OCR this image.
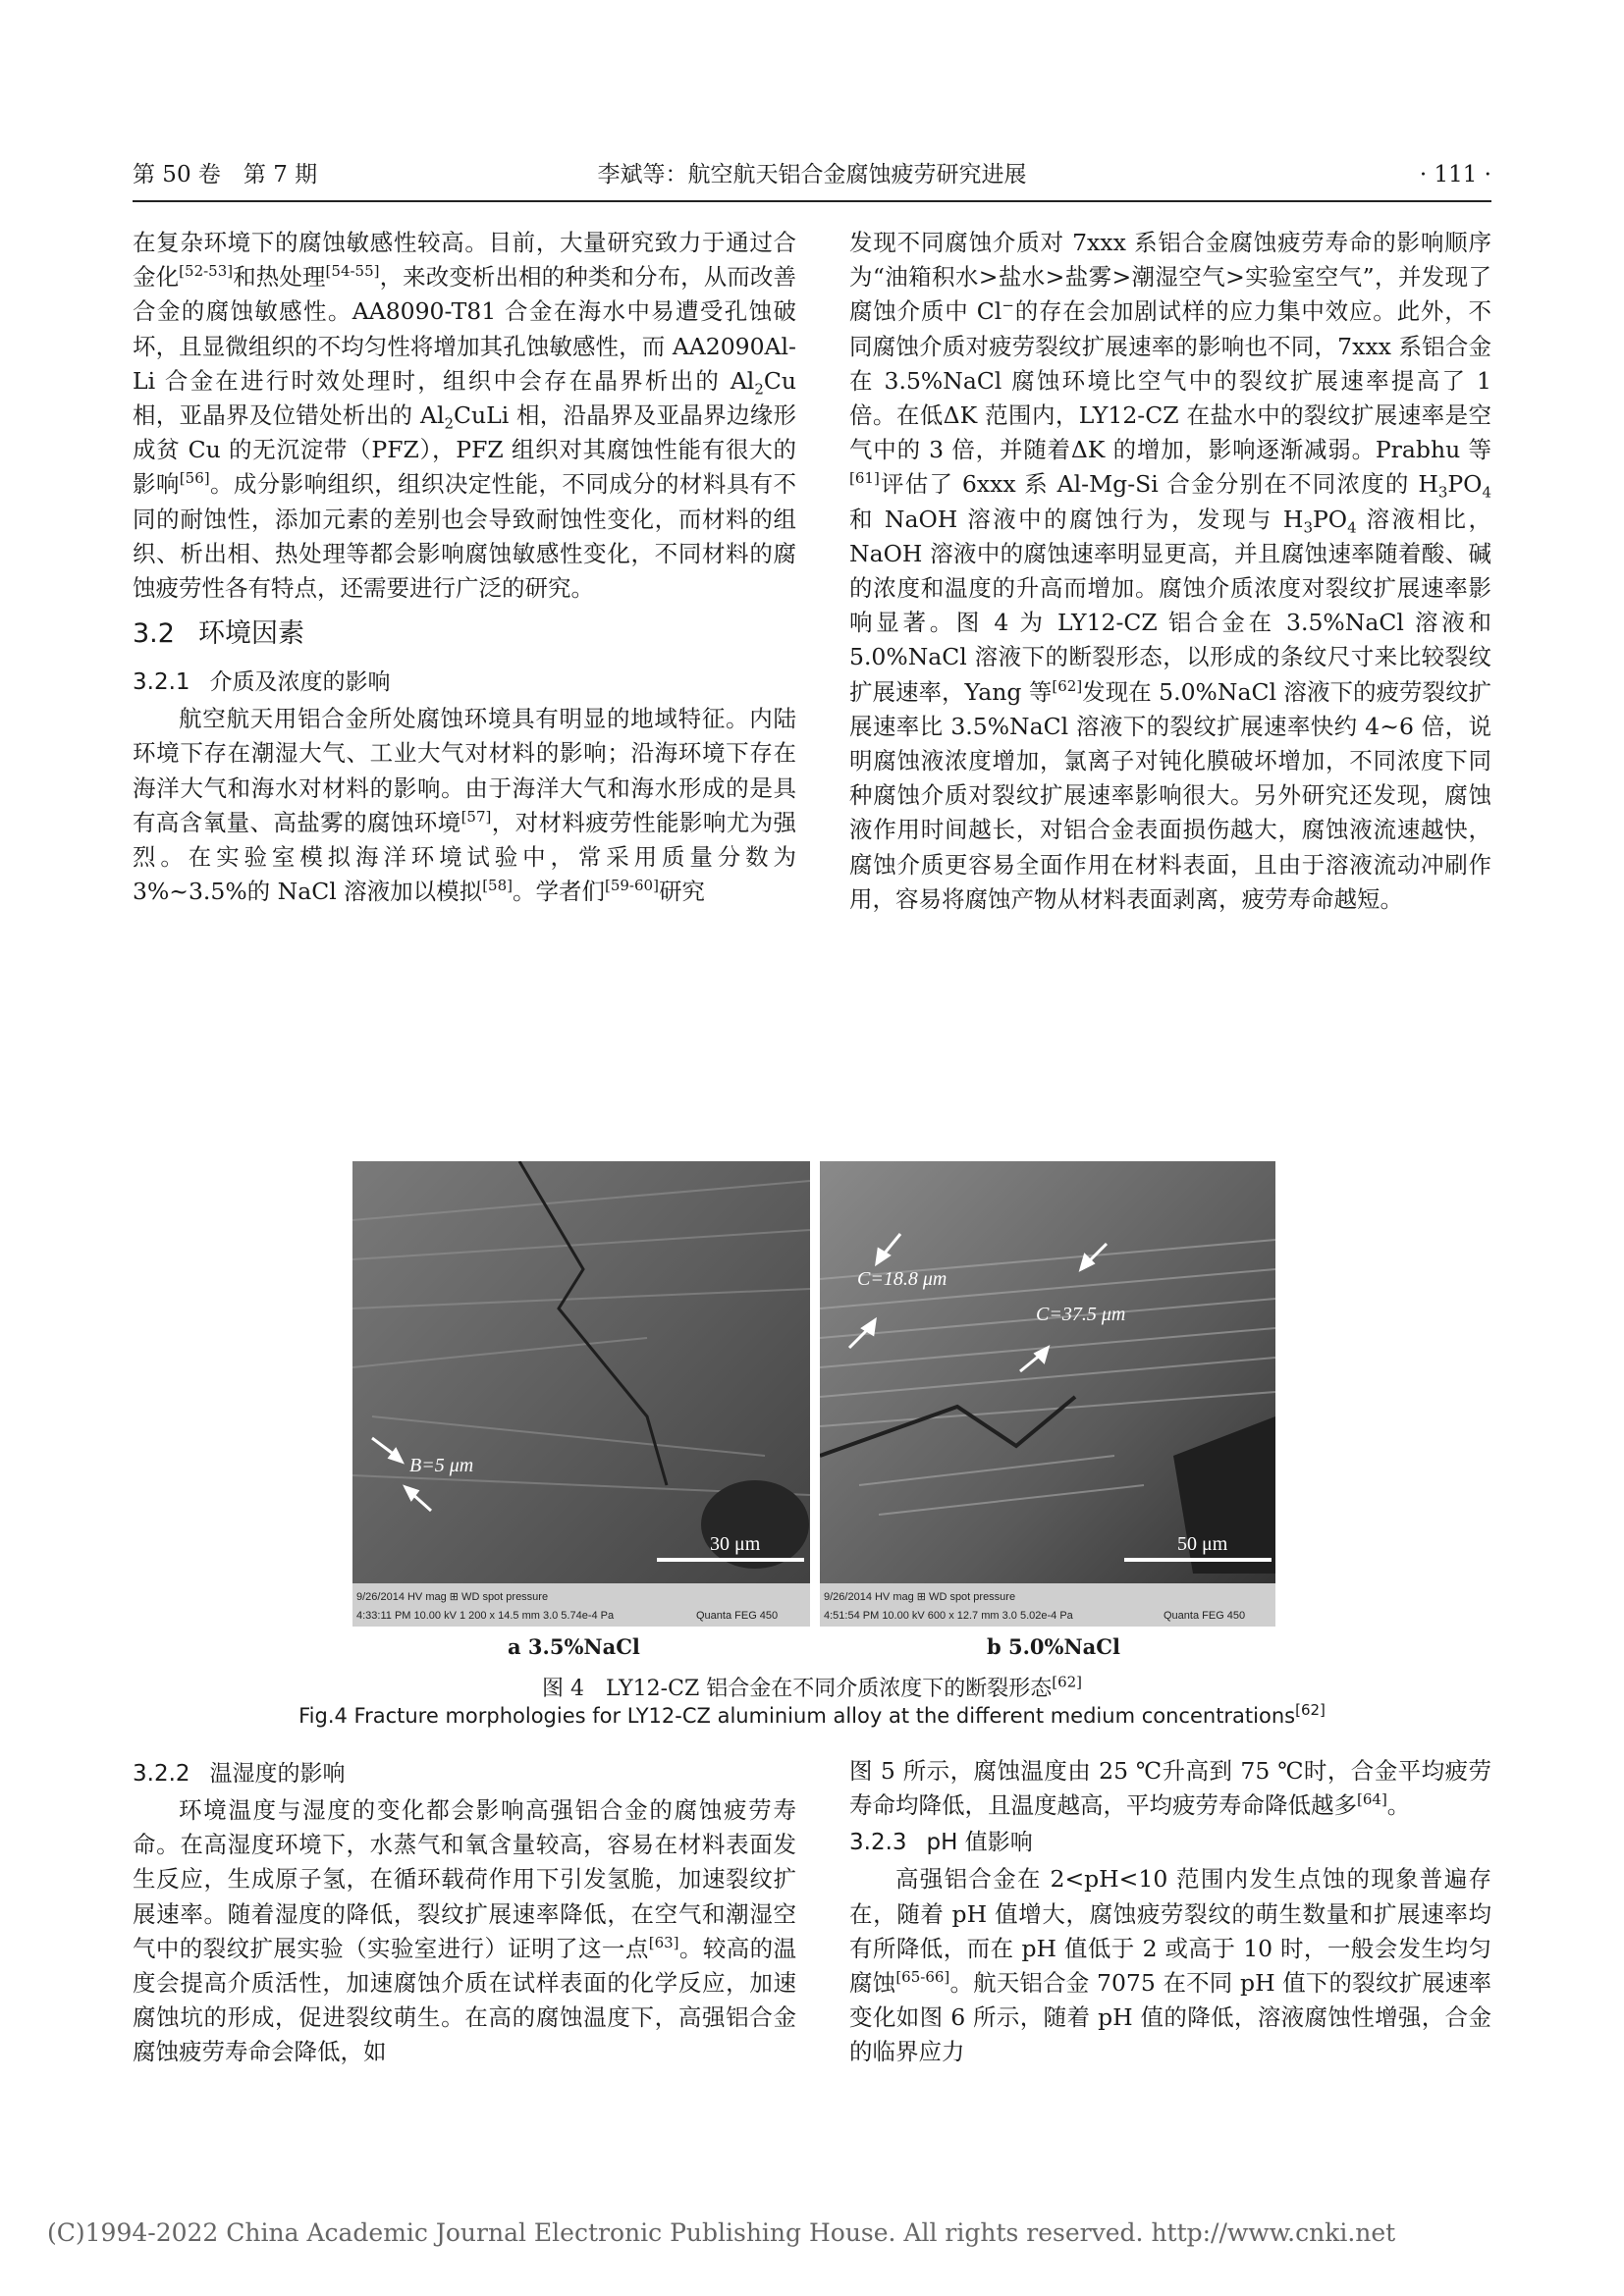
第 50 卷　第 7 期	李斌等：航空航天铝合金腐蚀疲劳研究进展	· 111 ·

在复杂环境下的腐蚀敏感性较高。目前，大量研究致力于通过合金化[52-53]和热处理[54-55]，来改变析出相的种类和分布，从而改善合金的腐蚀敏感性。AA8090-T81 合金在海水中易遭受孔蚀破坏，且显微组织的不均匀性将增加其孔蚀敏感性，而 AA2090Al-Li 合金在进行时效处理时，组织中会存在晶界析出的 $Al_2Cu$ 相，亚晶界及位错处析出的 $Al_2CuLi$ 相，沿晶界及亚晶界边缘形成贫 Cu 的无沉淀带（PFZ），PFZ 组织对其腐蚀性能有很大的影响[56]。成分影响组织，组织决定性能，不同成分的材料具有不同的耐蚀性，添加元素的差别也会导致耐蚀性变化，而材料的组织、析出相、热处理等都会影响腐蚀敏感性变化，不同材料的腐蚀疲劳性各有特点，还需要进行广泛的研究。

3.2 环境因素
3.2.1 介质及浓度的影响

航空航天用铝合金所处腐蚀环境具有明显的地域特征。内陆环境下存在潮湿大气、工业大气对材料的影响；沿海环境下存在海洋大气和海水对材料的影响。由于海洋大气和海水形成的是具有高含氧量、高盐雾的腐蚀环境[57]，对材料疲劳性能影响尤为强烈。在实验室模拟海洋环境试验中，常采用质量分数为 3%~3.5%的 NaCl 溶液加以模拟[58]。学者们[59-60]研究

发现不同腐蚀介质对 7xxx 系铝合金腐蚀疲劳寿命的影响顺序为“油箱积水>盐水>盐雾>潮湿空气>实验室空气”，并发现了腐蚀介质中 Cl−的存在会加剧试样的应力集中效应。此外，不同腐蚀介质对疲劳裂纹扩展速率的影响也不同，7xxx 系铝合金在 3.5%NaCl 腐蚀环境比空气中的裂纹扩展速率提高了 1 倍。在低ΔK 范围内，LY12-CZ 在盐水中的裂纹扩展速率是空气中的 3 倍，并随着ΔK 的增加，影响逐渐减弱。Prabhu 等[61]评估了 6xxx 系 Al-Mg-Si 合金分别在不同浓度的 $H_3PO_4$ 和 NaOH 溶液中的腐蚀行为，发现与 $H_3PO_4$ 溶液相比，NaOH 溶液中的腐蚀速率明显更高，并且腐蚀速率随着酸、碱的浓度和温度的升高而增加。腐蚀介质浓度对裂纹扩展速率影响显著。图 4 为 LY12-CZ 铝合金在 3.5%NaCl 溶液和 5.0%NaCl 溶液下的断裂形态，以形成的条纹尺寸来比较裂纹扩展速率，Yang 等[62]发现在 5.0%NaCl 溶液下的疲劳裂纹扩展速率比 3.5%NaCl 溶液下的裂纹扩展速率快约 4~6 倍，说明腐蚀液浓度增加，氯离子对钝化膜破坏增加，不同浓度下同种腐蚀介质对裂纹扩展速率影响很大。另外研究还发现，腐蚀液作用时间越长，对铝合金表面损伤越大，腐蚀液流速越快，腐蚀介质更容易全面作用在材料表面，且由于溶液流动冲刷作用，容易将腐蚀产物从材料表面剥离，疲劳寿命越短。

B=5 μm
30 μm
9/26/2014 HV mag ⊞ WD spot pressure
4:33:11 PM 10.00 kV 1 200 x 14.5 mm 3.0 5.74e-4 Pa	Quanta FEG 450
C=18.8 μm
C=37.5 μm
50 μm
9/26/2014 HV mag ⊞ WD spot pressure
4:51:54 PM 10.00 kV 600 x 12.7 mm 3.0 5.02e-4 Pa	Quanta FEG 450
a 3.5%NaCl	b 5.0%NaCl
图 4　LY12-CZ 铝合金在不同介质浓度下的断裂形态[62]
Fig.4 Fracture morphologies for LY12-CZ aluminium alloy at the different medium concentrations[62]
3.2.2 温湿度的影响

环境温度与湿度的变化都会影响高强铝合金的腐蚀疲劳寿命。在高湿度环境下，水蒸气和氧含量较高，容易在材料表面发生反应，生成原子氢，在循环载荷作用下引发氢脆，加速裂纹扩展速率。随着湿度的降低，裂纹扩展速率降低，在空气和潮湿空气中的裂纹扩展实验（实验室进行）证明了这一点[63]。较高的温度会提高介质活性，加速腐蚀介质在试样表面的化学反应，加速腐蚀坑的形成，促进裂纹萌生。在高的腐蚀温度下，高强铝合金腐蚀疲劳寿命会降低，如

图 5 所示，腐蚀温度由 25 ℃升高到 75 ℃时，合金平均疲劳寿命均降低，且温度越高，平均疲劳寿命降低越多[64]。

3.2.3 pH 值影响

高强铝合金在 2<pH<10 范围内发生点蚀的现象普遍存在，随着 pH 值增大，腐蚀疲劳裂纹的萌生数量和扩展速率均有所降低，而在 pH 值低于 2 或高于 10 时，一般会发生均匀腐蚀[65-66]。航天铝合金 7075 在不同 pH 值下的裂纹扩展速率变化如图 6 所示，随着 pH 值的降低，溶液腐蚀性增强，合金的临界应力

(C)1994-2022 China Academic Journal Electronic Publishing House. All rights reserved. http://www.cnki.net
